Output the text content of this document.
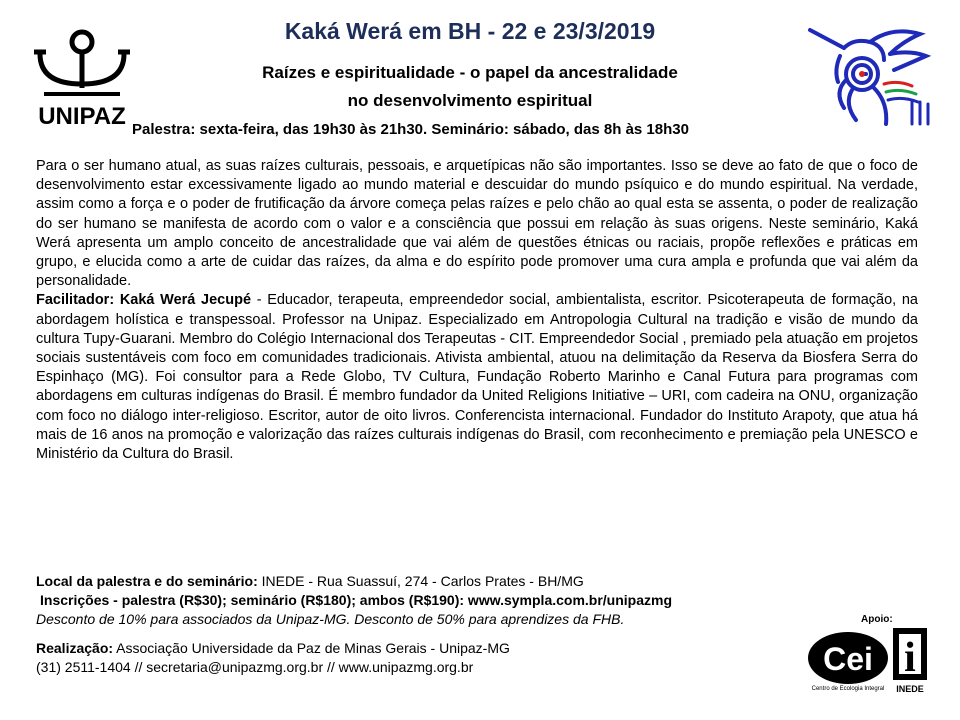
UNIPAZ
Kaká Werá em BH - 22 e 23/3/2019

Raízes e espiritualidade - o papel da ancestralidade

no desenvolvimento espiritual

Palestra: sexta-feira, das 19h30 às 21h30. Seminário: sábado, das 8h às 18h30

Para o ser humano atual, as suas raízes culturais, pessoais, e arquetípicas não são importantes. Isso se deve ao fato de que o foco de desenvolvimento estar excessivamente ligado ao mundo material e descuidar do mundo psíquico e do mundo espiritual. Na verdade, assim como a força e o poder de frutificação da árvore começa pelas raízes e pelo chão ao qual esta se assenta, o poder de realização do ser humano se manifesta de acordo com o valor e a consciência que possui em relação às suas origens. Neste seminário, Kaká Werá apresenta um amplo conceito de ancestralidade que vai além de questões étnicas ou raciais, propõe reflexões e práticas em grupo, e elucida como a arte de cuidar das raízes, da alma e do espírito pode promover uma cura ampla e profunda que vai além da personalidade.

Facilitador: Kaká Werá Jecupé - Educador, terapeuta, empreendedor social, ambientalista, escritor. Psicoterapeuta de formação, na abordagem holística e transpessoal. Professor na Unipaz. Especializado em Antropologia Cultural na tradição e visão de mundo da cultura Tupy-Guarani. Membro do Colégio Internacional dos Terapeutas - CIT. Empreendedor Social , premiado pela atuação em projetos sociais sustentáveis com foco em comunidades tradicionais. Ativista ambiental, atuou na delimitação da Reserva da Biosfera Serra do Espinhaço (MG). Foi consultor para a Rede Globo, TV Cultura, Fundação Roberto Marinho e Canal Futura para programas com abordagens em culturas indígenas do Brasil. É membro fundador da United Religions Initiative – URI, com cadeira na ONU, organização com foco no diálogo inter-religioso. Escritor, autor de oito livros. Conferencista internacional. Fundador do Instituto Arapoty, que atua há mais de 16 anos na promoção e valorização das raízes culturais indígenas do Brasil, com reconhecimento e premiação pela UNESCO e Ministério da Cultura do Brasil.

Local da palestra e do seminário: INEDE - Rua Suassuí, 274 - Carlos Prates - BH/MG

Inscrições - palestra (R$30); seminário (R$180); ambos (R$190): www.sympla.com.br/unipazmg

Desconto de 10% para associados da Unipaz-MG. Desconto de 50% para aprendizes da FHB.

Realização: Associação Universidade da Paz de Minas Gerais - Unipaz-MG

(31) 2511-1404 // secretaria@unipazmg.org.br // www.unipazmg.org.br

Apoio:
Cei
Centro de Ecologia Integral
i
INEDE
